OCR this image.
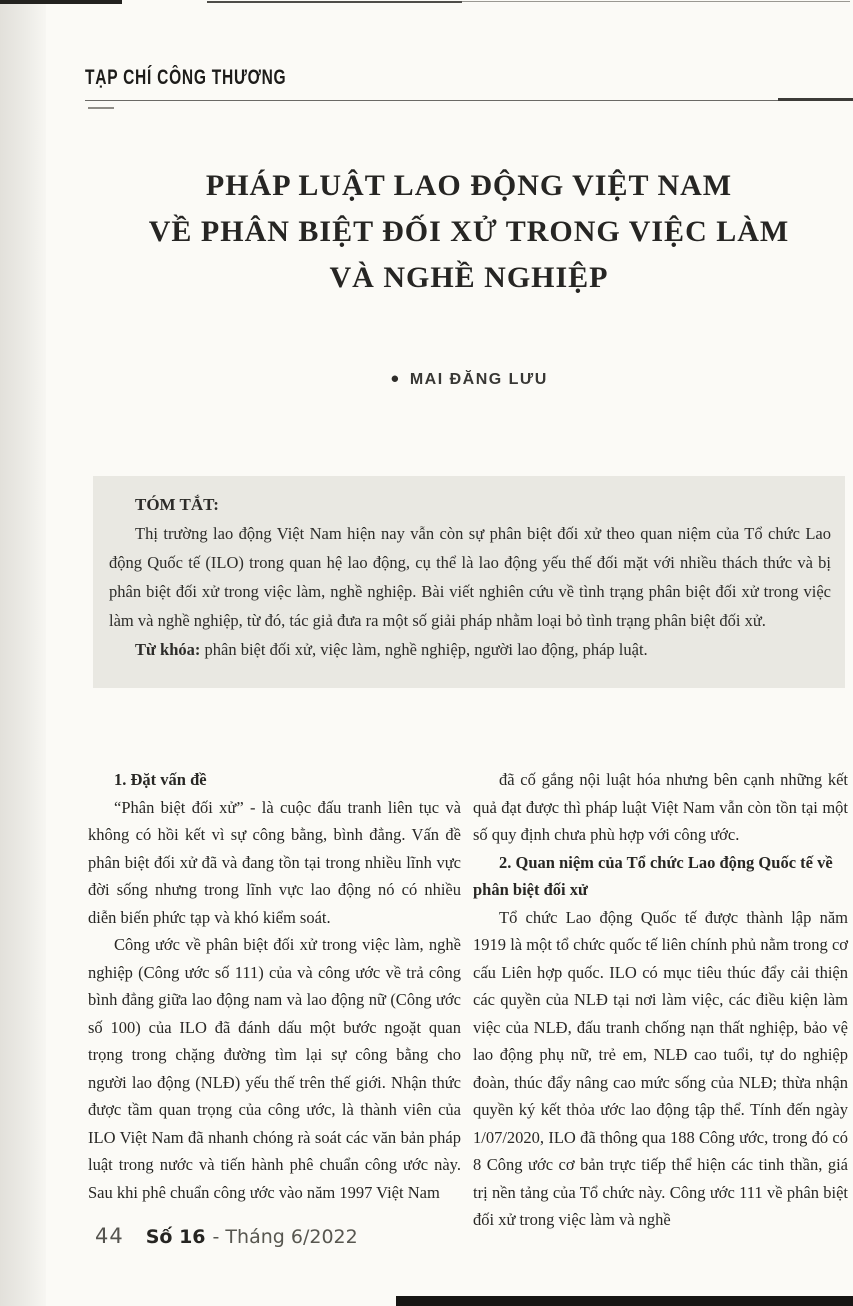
TẠP CHÍ CÔNG THƯƠNG
PHÁP LUẬT LAO ĐỘNG VIỆT NAM
VỀ PHÂN BIỆT ĐỐI XỬ TRONG VIỆC LÀM
VÀ NGHỀ NGHIỆP
● MAI ĐĂNG LƯU
TÓM TẮT:

Thị trường lao động Việt Nam hiện nay vẫn còn sự phân biệt đối xử theo quan niệm của Tổ chức Lao động Quốc tế (ILO) trong quan hệ lao động, cụ thể là lao động yếu thế đối mặt với nhiều thách thức và bị phân biệt đối xử trong việc làm, nghề nghiệp. Bài viết nghiên cứu về tình trạng phân biệt đối xử trong việc làm và nghề nghiệp, từ đó, tác giả đưa ra một số giải pháp nhằm loại bỏ tình trạng phân biệt đối xử.

Từ khóa: phân biệt đối xử, việc làm, nghề nghiệp, người lao động, pháp luật.

1. Đặt vấn đề

“Phân biệt đối xử” - là cuộc đấu tranh liên tục và không có hồi kết vì sự công bằng, bình đẳng. Vấn đề phân biệt đối xử đã và đang tồn tại trong nhiều lĩnh vực đời sống nhưng trong lĩnh vực lao động nó có nhiều diễn biến phức tạp và khó kiểm soát.

Công ước về phân biệt đối xử trong việc làm, nghề nghiệp (Công ước số 111) của và công ước về trả công bình đẳng giữa lao động nam và lao động nữ (Công ước số 100) của ILO đã đánh dấu một bước ngoặt quan trọng trong chặng đường tìm lại sự công bằng cho người lao động (NLĐ) yếu thế trên thế giới. Nhận thức được tầm quan trọng của công ước, là thành viên của ILO Việt Nam đã nhanh chóng rà soát các văn bản pháp luật trong nước và tiến hành phê chuẩn công ước này. Sau khi phê chuẩn công ước vào năm 1997 Việt Nam

đã cố gắng nội luật hóa nhưng bên cạnh những kết quả đạt được thì pháp luật Việt Nam vẫn còn tồn tại một số quy định chưa phù hợp với công ước.

2. Quan niệm của Tổ chức Lao động Quốc tế về phân biệt đối xử

Tổ chức Lao động Quốc tế được thành lập năm 1919 là một tổ chức quốc tế liên chính phủ nằm trong cơ cấu Liên hợp quốc. ILO có mục tiêu thúc đẩy cải thiện các quyền của NLĐ tại nơi làm việc, các điều kiện làm việc của NLĐ, đấu tranh chống nạn thất nghiệp, bảo vệ lao động phụ nữ, trẻ em, NLĐ cao tuổi, tự do nghiệp đoàn, thúc đẩy nâng cao mức sống của NLĐ; thừa nhận quyền ký kết thỏa ước lao động tập thể. Tính đến ngày 1/07/2020, ILO đã thông qua 188 Công ước, trong đó có 8 Công ước cơ bản trực tiếp thể hiện các tinh thần, giá trị nền tảng của Tổ chức này. Công ước 111 về phân biệt đối xử trong việc làm và nghề

44 Số 16 - Tháng 6/2022
